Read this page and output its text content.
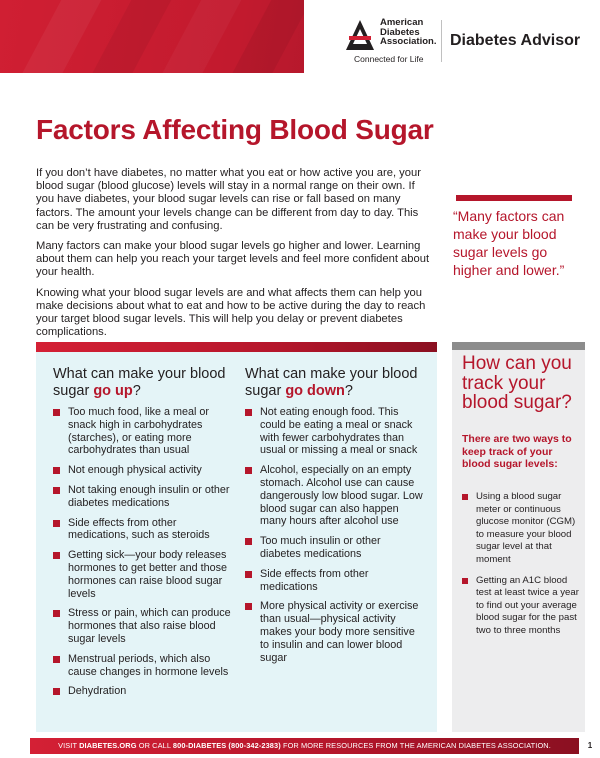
American
Diabetes
Association.
Connected for Life
Diabetes Advisor
Factors Affecting Blood Sugar

If you don’t have diabetes, no matter what you eat or how active you are, your blood sugar (blood glucose) levels will stay in a normal range on their own. If you have diabetes, your blood sugar levels can rise or fall based on many factors. The amount your levels change can be different from day to day. This can be very frustrating and confusing.

Many factors can make your blood sugar levels go higher and lower. Learning about them can help you reach your target levels and feel more confident about your health.

Knowing what your blood sugar levels are and what affects them can help you make decisions about what to eat and how to be active during the day to reach your target blood sugar levels. This will help you delay or prevent diabetes complications.

“Many factors can make your blood sugar levels go higher and lower.”
What can make your blood sugar go up?
Too much food, like a meal or snack high in carbohydrates (starches), or eating more carbohydrates than usual
Not enough physical activity
Not taking enough insulin or other diabetes medications
Side effects from other medications, such as steroids
Getting sick—your body releases hormones to get better and those hormones can raise blood sugar levels
Stress or pain, which can produce hormones that also raise blood sugar levels
Menstrual periods, which also cause changes in hormone levels
Dehydration
What can make your blood sugar go down?
Not eating enough food. This could be eating a meal or snack with fewer carbohydrates than usual or missing a meal or snack
Alcohol, especially on an empty stomach. Alcohol use can cause dangerously low blood sugar. Low blood sugar can also happen many hours after alcohol use
Too much insulin or other diabetes medications
Side effects from other medications
More physical activity or exercise than usual—physical activity makes your body more sensitive to insulin and can lower blood sugar
How can you track your blood sugar?
There are two ways to keep track of your blood sugar levels:
Using a blood sugar meter or continuous glucose monitor (CGM) to measure your blood sugar level at that moment
Getting an A1C blood test at least twice a year to find out your average blood sugar for the past two to three months
VISIT DIABETES.ORG OR CALL 800-DIABETES (800-342-2383) FOR MORE RESOURCES FROM THE AMERICAN DIABETES ASSOCIATION.	1
